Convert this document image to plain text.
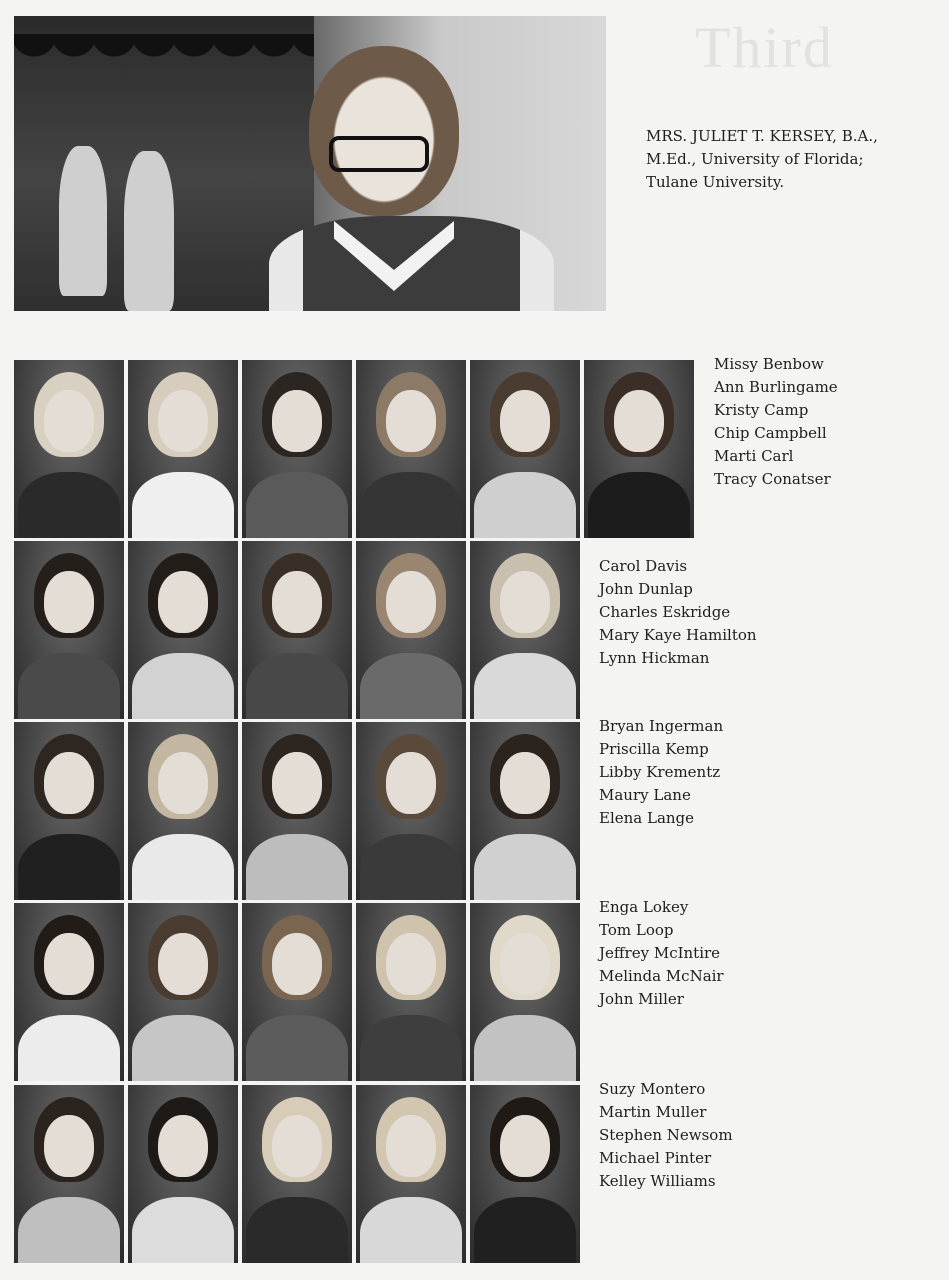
Third
MRS. JULIET T. KERSEY, B.A.,
M.Ed., University of Florida;
Tulane University.
Missy Benbow
Ann Burlingame
Kristy Camp
Chip Campbell
Marti Carl
Tracy Conatser
Carol Davis
John Dunlap
Charles Eskridge
Mary Kaye Hamilton
Lynn Hickman
Bryan Ingerman
Priscilla Kemp
Libby Krementz
Maury Lane
Elena Lange
Enga Lokey
Tom Loop
Jeffrey McIntire
Melinda McNair
John Miller
Suzy Montero
Martin Muller
Stephen Newsom
Michael Pinter
Kelley Williams
